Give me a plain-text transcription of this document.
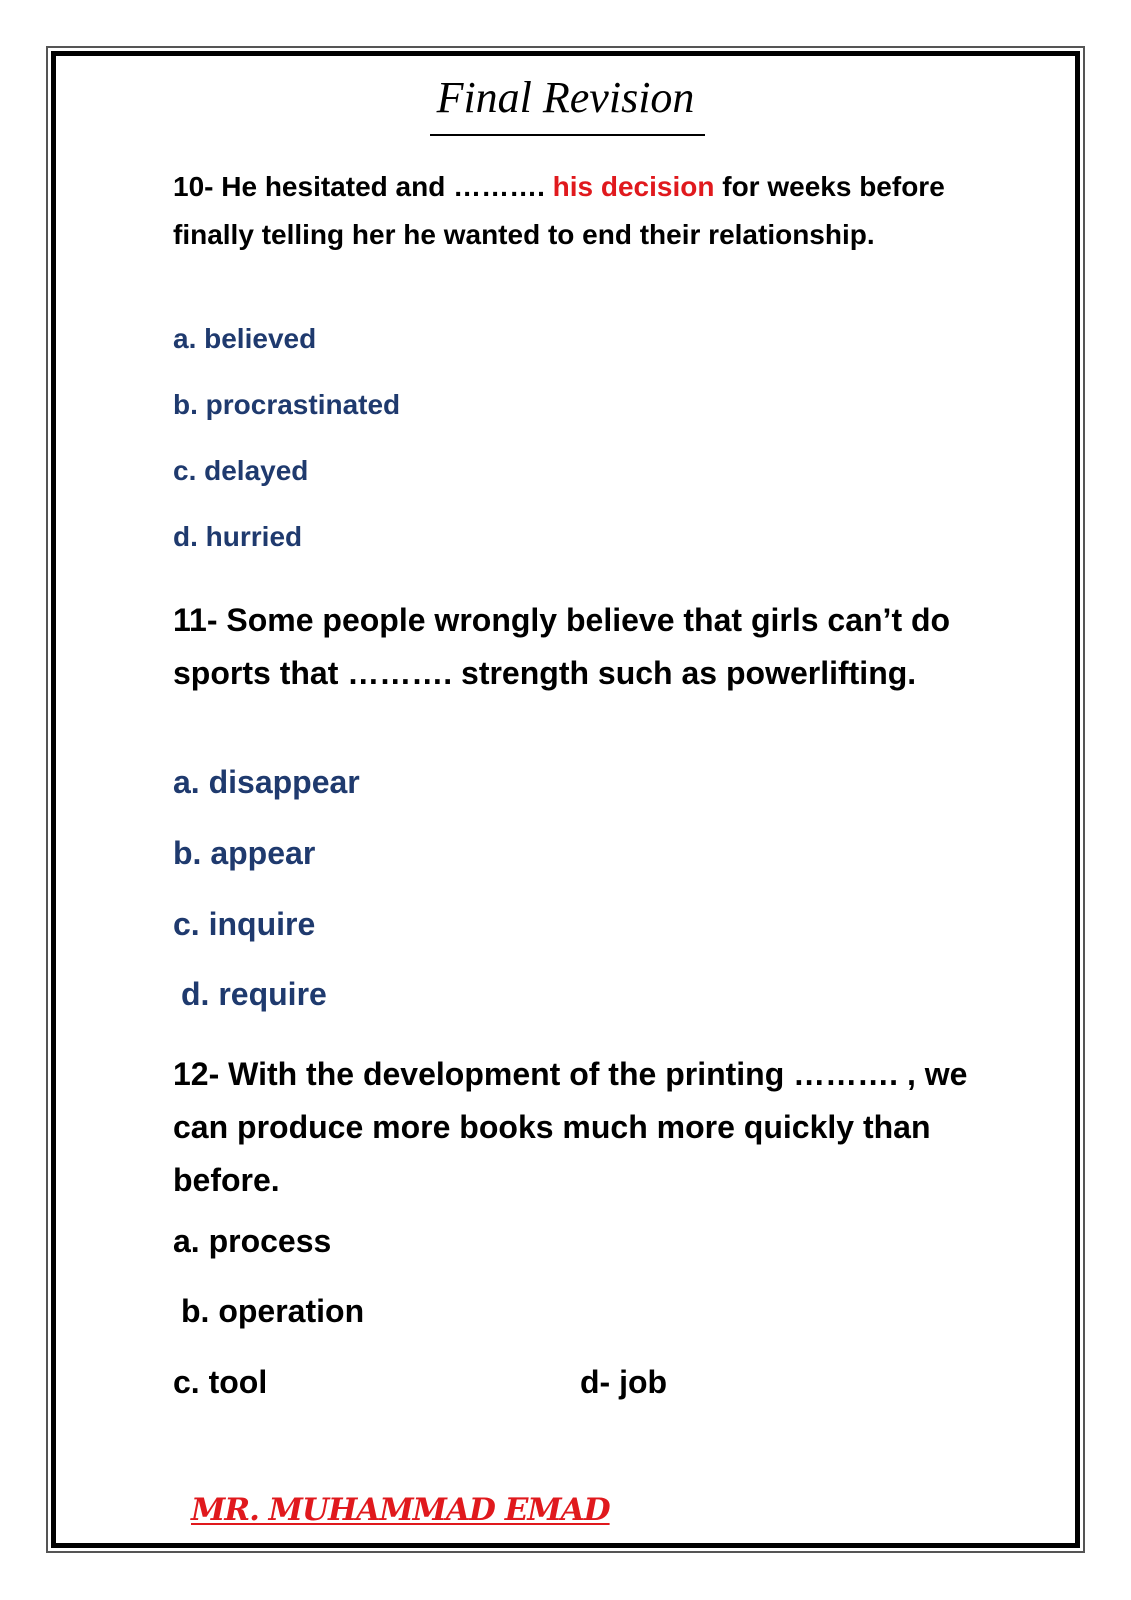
Final Revision
10- He hesitated and ………. his decision for weeks before finally telling her he wanted to end their relationship.
a. believed
b. procrastinated
c. delayed
d. hurried
11- Some people wrongly believe that girls can’t do sports that ………. strength such as powerlifting.
a. disappear
b. appear
c. inquire
d. require
12- With the development of the printing ………. , we can produce more books much more quickly than before.
a. process
b. operation
c. tool	d- job
MR. MUHAMMAD EMAD
